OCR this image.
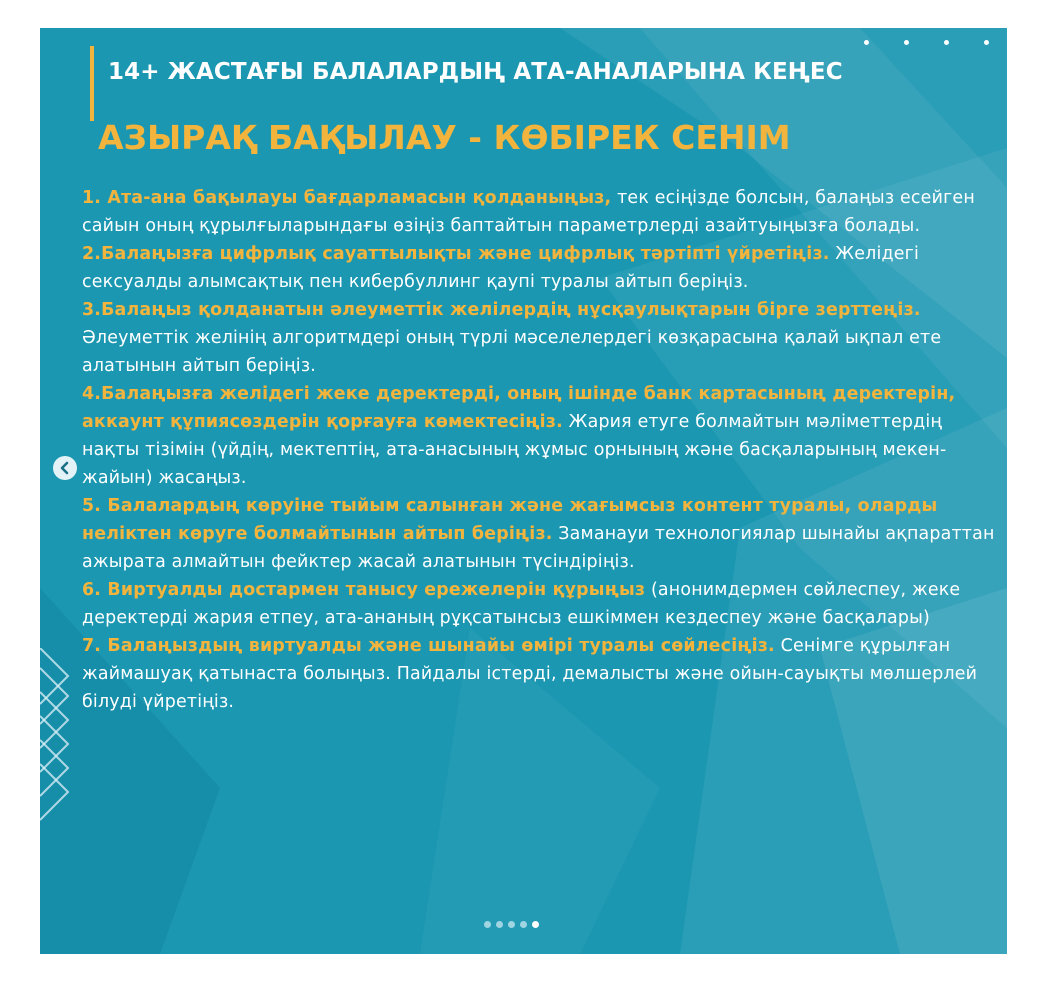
14+ ЖАСТАҒЫ БАЛАЛАРДЫҢ АТА-АНАЛАРЫНА КЕҢЕС
АЗЫРАҚ БАҚЫЛАУ - КӨБІРЕК СЕНІМ

1. Ата-ана бақылауы бағдарламасын қолданыңыз, тек есіңізде болсын, балаңыз есейген сайын оның құрылғыларындағы өзіңіз баптайтын параметрлерді азайтуыңызға болады.

2.Балаңызға цифрлық сауаттылықты және цифрлық тәртіпті үйретіңіз. Желідегі сексуалды алымсақтық пен кибербуллинг қаупі туралы айтып беріңіз.

3.Балаңыз қолданатын әлеуметтік желілердің нұсқаулықтарын бірге зерттеңіз. Әлеуметтік желінің алгоритмдері оның түрлі мәселелердегі көзқарасына қалай ықпал ете алатынын айтып беріңіз.

4.Балаңызға желідегі жеке деректерді, оның ішінде банк картасының деректерін, аккаунт құпиясөздерін қорғауға көмектесіңіз. Жария етуге болмайтын мәліметтердің нақты тізімін (үйдің, мектептің, ата-анасының жұмыс орнының және басқаларының мекен-жайын) жасаңыз.

5. Балалардың көруіне тыйым салынған және жағымсыз контент туралы, оларды неліктен көруге болмайтынын айтып беріңіз. Заманауи технологиялар шынайы ақпараттан ажырата алмайтын фейктер жасай алатынын түсіндіріңіз.

6. Виртуалды достармен танысу ережелерін құрыңыз (анонимдермен сөйлеспеу, жеке деректерді жария етпеу, ата-ананың рұқсатынсыз ешкіммен кездеспеу және басқалары)

7. Балаңыздың виртуалды және шынайы өмірі туралы сөйлесіңіз. Сенімге құрылған жаймашуақ қатынаста болыңыз. Пайдалы істерді, демалысты және ойын-сауықты мөлшерлей білуді үйретіңіз.
